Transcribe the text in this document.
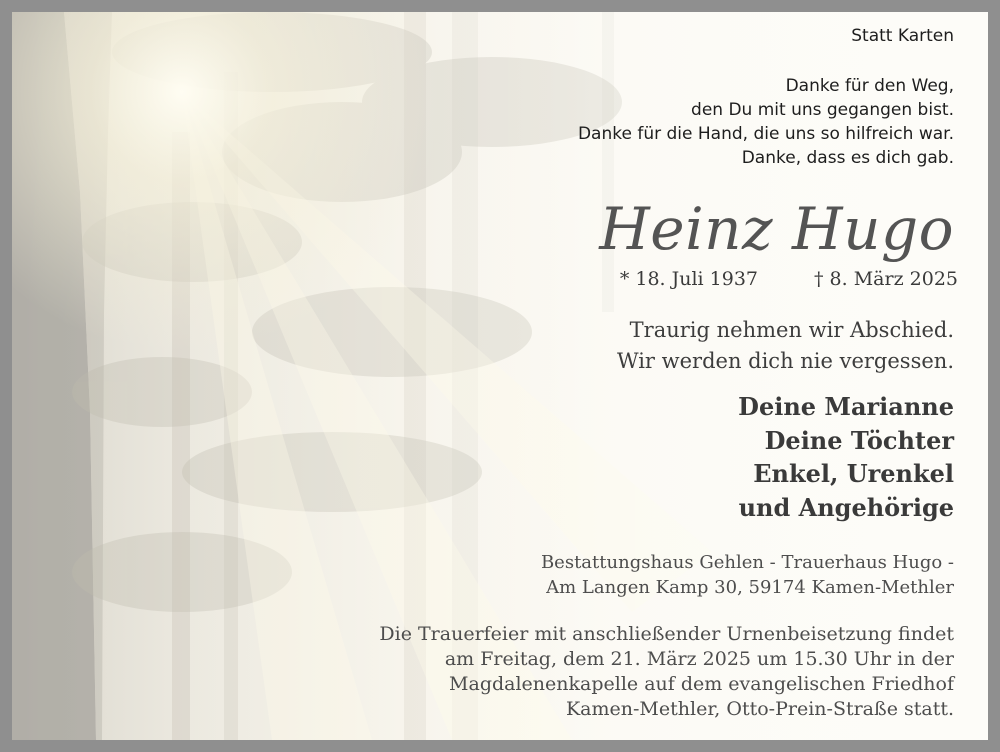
Statt Karten
Danke für den Weg,
den Du mit uns gegangen bist.
Danke für die Hand, die uns so hilfreich war.
Danke, dass es dich gab.
Heinz Hugo
* 18. Juli 1937	† 8. März 2025
Traurig nehmen wir Abschied.
Wir werden dich nie vergessen.
Deine Marianne
Deine Töchter
Enkel, Urenkel
und Angehörige
Bestattungshaus Gehlen - Trauerhaus Hugo -
Am Langen Kamp 30, 59174 Kamen-Methler
Die Trauerfeier mit anschließender Urnenbeisetzung findet
am Freitag, dem 21. März 2025 um 15.30 Uhr in der
Magdalenenkapelle auf dem evangelischen Friedhof
Kamen-Methler, Otto-Prein-Straße statt.
